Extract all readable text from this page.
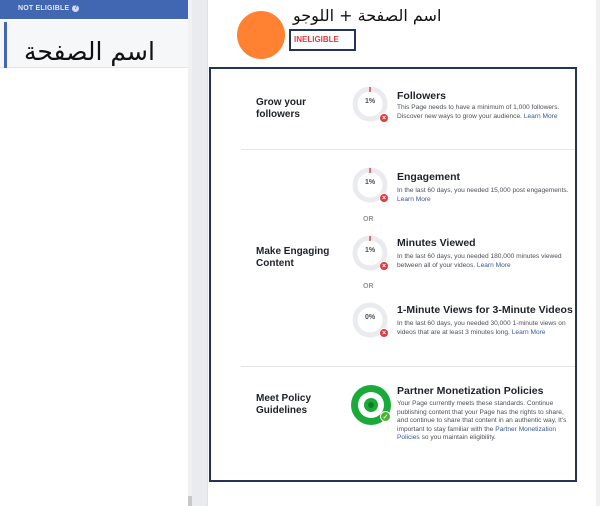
NOT ELIGIBLE ?
اسم الصفحة
اسم الصفحة + اللوجو
INELIGIBLE
Grow your
followers
1%
×
Followers
This Page needs to have a minimum of 1,000 followers. Discover new ways to grow your audience. Learn More
Make Engaging
Content
1%
×
Engagement
In the last 60 days, you needed 15,000 post engagements. Learn More
OR
1%
×
Minutes Viewed
In the last 60 days, you needed 180,000 minutes viewed between all of your videos. Learn More
OR
0%
×
1-Minute Views for 3-Minute Videos
In the last 60 days, you needed 30,000 1-minute views on videos that are at least 3 minutes long. Learn More
Meet Policy
Guidelines
✓
Partner Monetization Policies
Your Page currently meets these standards. Continue publishing content that your Page has the rights to share, and continue to share that content in an authentic way. It's important to stay familiar with the Partner Monetization Policies so you maintain eligibility.
